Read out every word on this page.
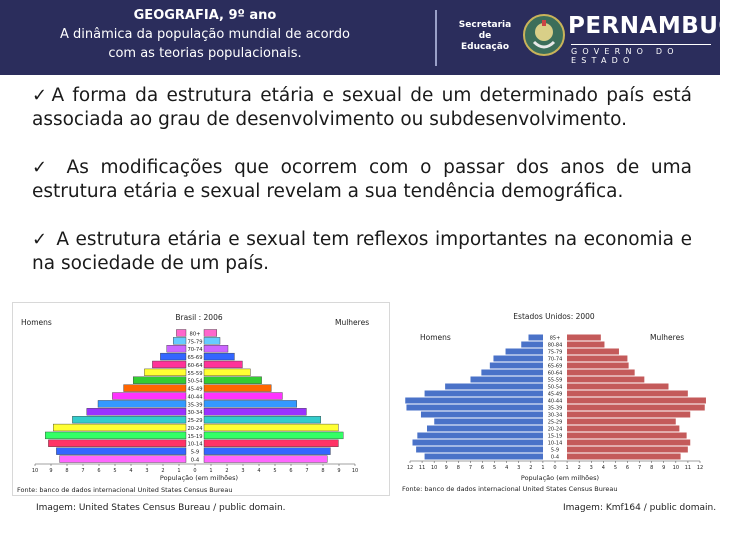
GEOGRAFIA, 9º ano
A dinâmica da população mundial de acordo
com as teorias populacionais.
Secretaria de
Educação
PERNAMBUCO
GOVERNO DO ESTADO
✓ A forma da estrutura etária e sexual de um determinado país está associada ao grau de desenvolvimento ou subdesenvolvimento.
✓ As modificações que ocorrem com o passar dos anos de uma estrutura etária e sexual revelam a sua tendência demográfica.
✓ A estrutura etária e sexual tem reflexos importantes na economia e na sociedade de um país.
Brasil : 2006
Homens	Mulheres
População (em milhões)
Fonte: banco de dados internacional United States Census Bureau
80+
75-79
70-74
65-69
60-64
55-59
50-54
45-49
40-44
35-39
30-34
25-29
20-24
15-19
10-14
5-9
0-4
10 9	8	7	6	5	4	3	2	1	0	1	2	3	4	5	6	7	8	9 10
Estados Unidos: 2000
Homens	Mulheres
População (em milhões)
Fonte: banco de dados internacional United States Census Bureau
85+
80-84
75-79
70-74
65-69
60-64
55-59
50-54
45-49
40-44
35-39
30-34
25-29
20-24
15-19
10-14
5-9
0-4
12 11 10 9 8 7 6 5 4 3 2 1 0 1 2 3 4 5 6 7 8 9 10 11 12
Imagem: United States Census Bureau / public domain.	Imagem: Kmf164 / public domain.
